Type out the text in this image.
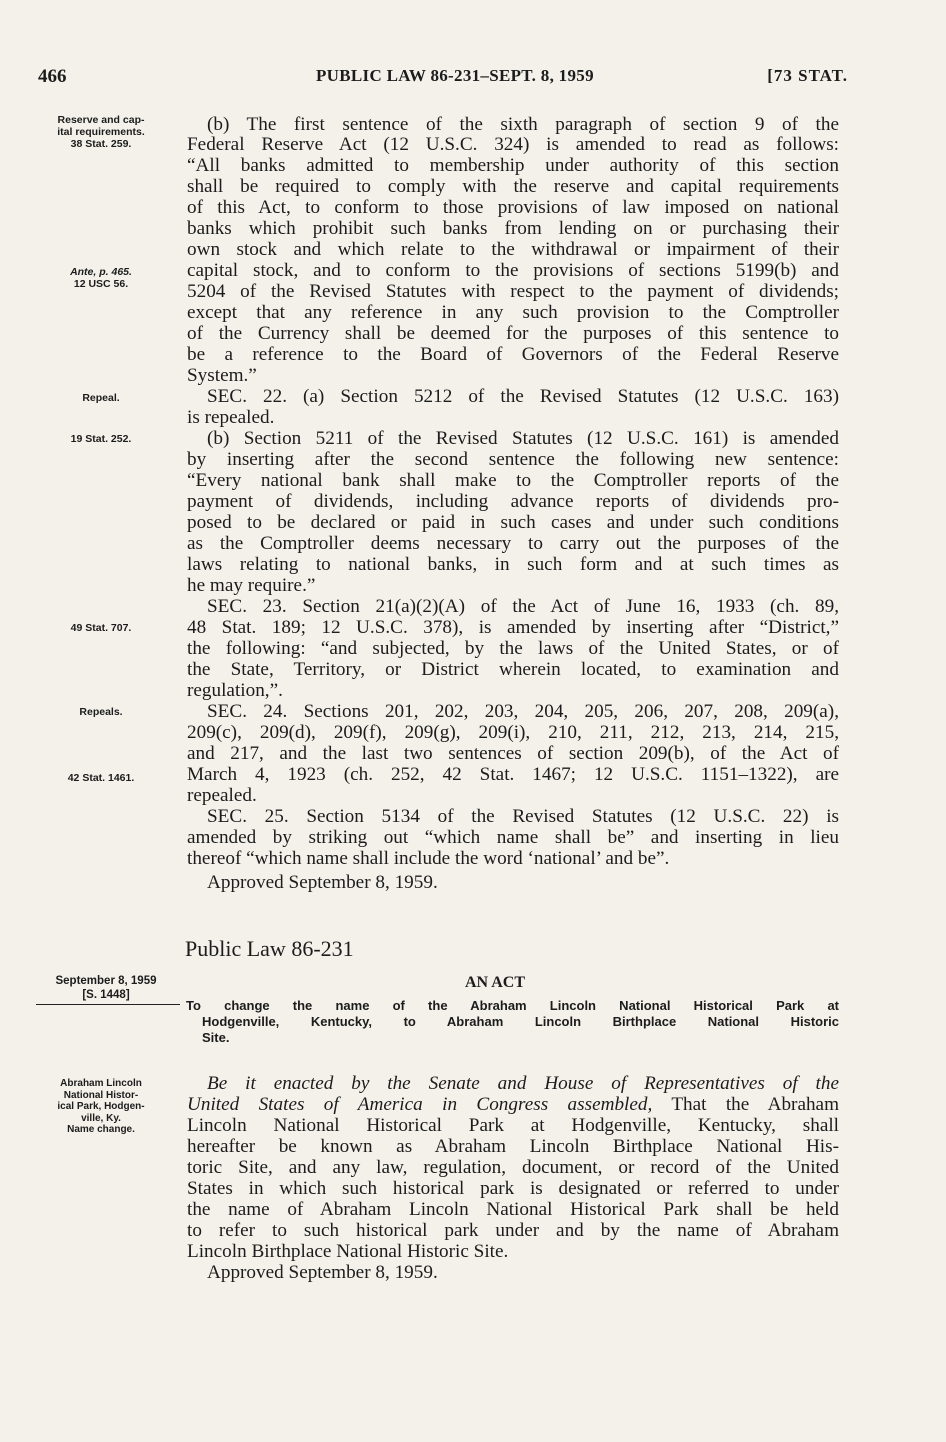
466	PUBLIC LAW 86-231–SEPT. 8, 1959	[73 STAT.
Reserve and cap-
ital requirements.
38 Stat. 259.
Ante, p. 465.
12 USC 56.
Repeal.
19 Stat. 252.
49 Stat. 707.
Repeals.
42 Stat. 1461.
Abraham Lincoln
National Histor-
ical Park, Hodgen-
ville, Ky.
Name change.
(b) The first sentence of the sixth paragraph of section 9 of the
Federal Reserve Act (12 U.S.C. 324) is amended to read as follows:
“All banks admitted to membership under authority of this section
shall be required to comply with the reserve and capital requirements
of this Act, to conform to those provisions of law imposed on national
banks which prohibit such banks from lending on or purchasing their
own stock and which relate to the withdrawal or impairment of their
capital stock, and to conform to the provisions of sections 5199(b) and
5204 of the Revised Statutes with respect to the payment of dividends;
except that any reference in any such provision to the Comptroller
of the Currency shall be deemed for the purposes of this sentence to
be a reference to the Board of Governors of the Federal Reserve
System.”
SEC. 22. (a) Section 5212 of the Revised Statutes (12 U.S.C. 163)
is repealed.
(b) Section 5211 of the Revised Statutes (12 U.S.C. 161) is amended
by inserting after the second sentence the following new sentence:
“Every national bank shall make to the Comptroller reports of the
payment of dividends, including advance reports of dividends pro-
posed to be declared or paid in such cases and under such conditions
as the Comptroller deems necessary to carry out the purposes of the
laws relating to national banks, in such form and at such times as
he may require.”
SEC. 23. Section 21(a)(2)(A) of the Act of June 16, 1933 (ch. 89,
48 Stat. 189; 12 U.S.C. 378), is amended by inserting after “District,”
the following: “and subjected, by the laws of the United States, or of
the State, Territory, or District wherein located, to examination and
regulation,”.
SEC. 24. Sections 201, 202, 203, 204, 205, 206, 207, 208, 209(a),
209(c), 209(d), 209(f), 209(g), 209(i), 210, 211, 212, 213, 214, 215,
and 217, and the last two sentences of section 209(b), of the Act of
March 4, 1923 (ch. 252, 42 Stat. 1467; 12 U.S.C. 1151–1322), are
repealed.
SEC. 25. Section 5134 of the Revised Statutes (12 U.S.C. 22) is
amended by striking out “which name shall be” and inserting in lieu
thereof “which name shall include the word ‘national’ and be”.
Approved September 8, 1959.
Public Law 86-231
September 8, 1959
[S. 1448]
AN ACT
To change the name of the Abraham Lincoln National Historical Park at
Hodgenville, Kentucky, to Abraham Lincoln Birthplace National Historic
Site.
Be it enacted by the Senate and House of Representatives of the
United States of America in Congress assembled, That the Abraham
Lincoln National Historical Park at Hodgenville, Kentucky, shall
hereafter be known as Abraham Lincoln Birthplace National His-
toric Site, and any law, regulation, document, or record of the United
States in which such historical park is designated or referred to under
the name of Abraham Lincoln National Historical Park shall be held
to refer to such historical park under and by the name of Abraham
Lincoln Birthplace National Historic Site.
Approved September 8, 1959.
